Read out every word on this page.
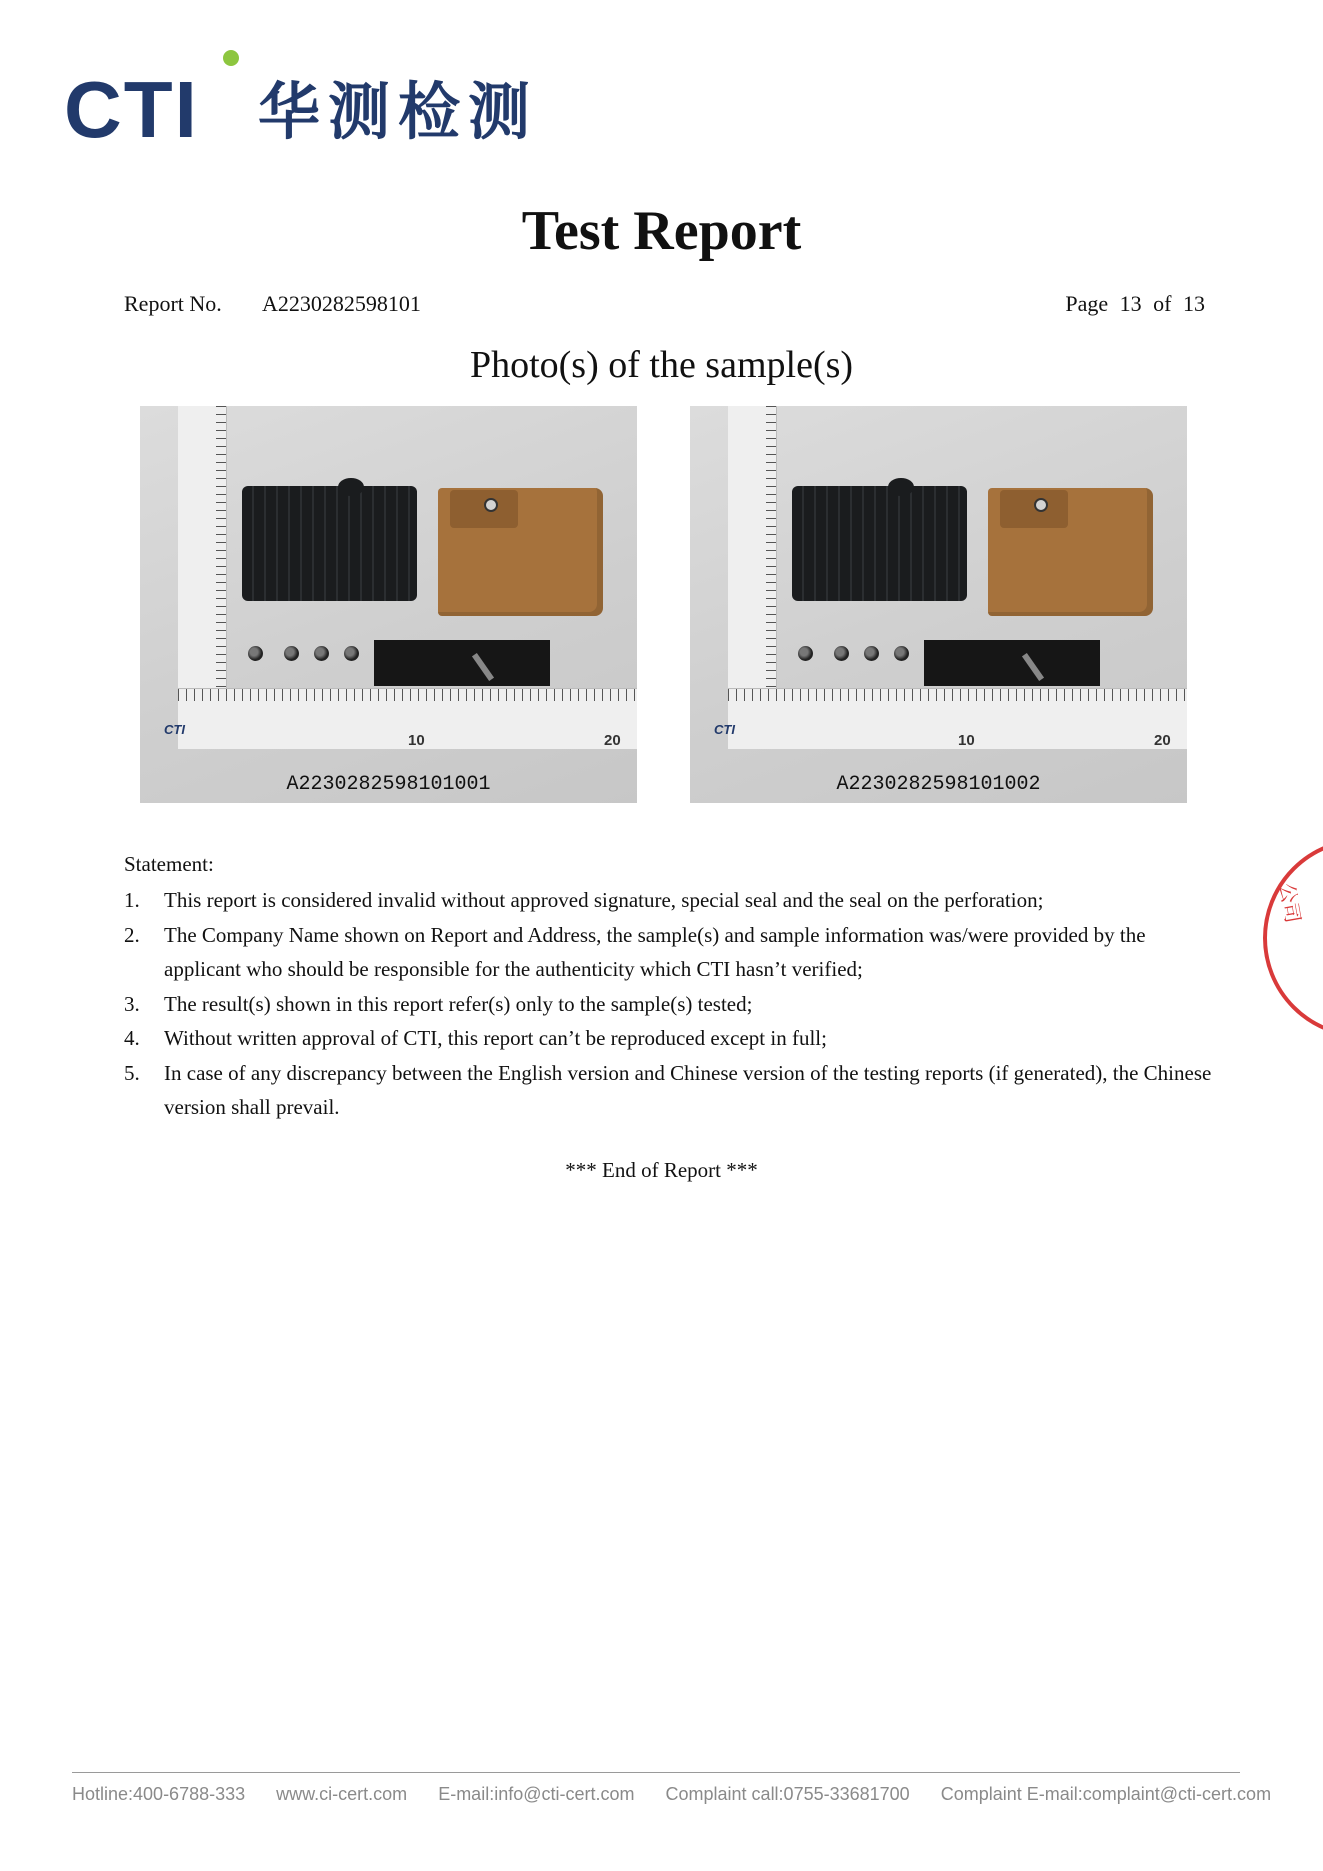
CTI 华测检测
Test Report
Report No. A2230282598101	Page 13 of 13
Photo(s) of the sample(s)
CTI
10	20
A2230282598101001
CTI
10	20
A2230282598101002
Statement:
1. This report is considered invalid without approved signature, special seal and the seal on the perforation;
2. The Company Name shown on Report and Address, the sample(s) and sample information was/were provided by the applicant who should be responsible for the authenticity which CTI hasn’t verified;
3. The result(s) shown in this report refer(s) only to the sample(s) tested;
4. Without written approval of CTI, this report can’t be reproduced except in full;
5. In case of any discrepancy between the English version and Chinese version of the testing reports (if generated), the Chinese version shall prevail.
*** End of Report ***
公司
Hotline:400-6788-333 www.ci-cert.com E-mail:info@cti-cert.com Complaint call:0755-33681700 Complaint E-mail:complaint@cti-cert.com
